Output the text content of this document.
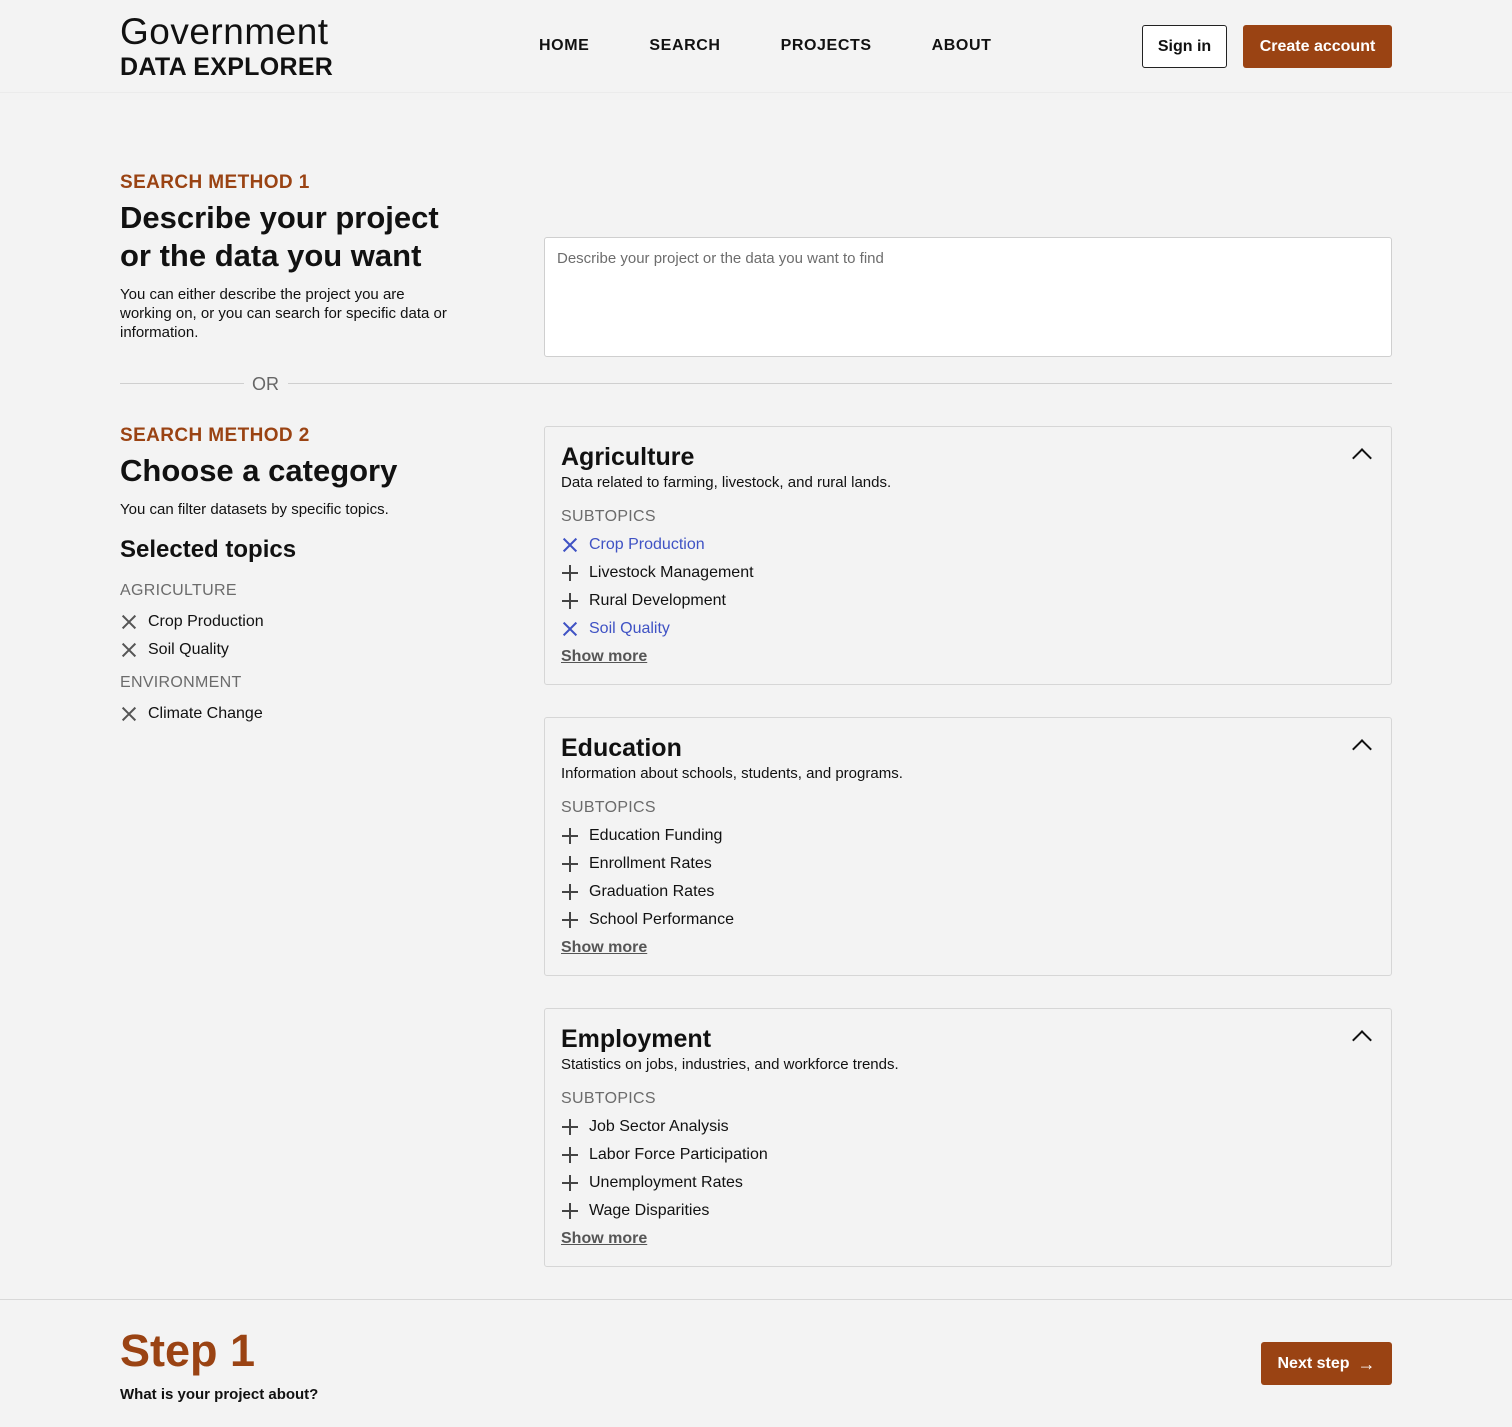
Government
DATA EXPLORER
HOME	SEARCH	PROJECTS	ABOUT	Sign in	Create account
SEARCH METHOD 1
Describe your project
or the data you want
You can either describe the project you are working on, or you can search for specific data or information.
Describe your project or the data you want to find
OR
SEARCH METHOD 2
Choose a category
You can filter datasets by specific topics.
Selected topics
AGRICULTURE
Crop Production
Soil Quality
ENVIRONMENT
Climate Change
Agriculture
Data related to farming, livestock, and rural lands.
SUBTOPICS
Crop Production
Livestock Management
Rural Development
Soil Quality
Show more
Education
Information about schools, students, and programs.
SUBTOPICS
Education Funding
Enrollment Rates
Graduation Rates
School Performance
Show more
Employment
Statistics on jobs, industries, and workforce trends.
SUBTOPICS
Job Sector Analysis
Labor Force Participation
Unemployment Rates
Wage Disparities
Show more
Step 1
What is your project about?
Next step →
